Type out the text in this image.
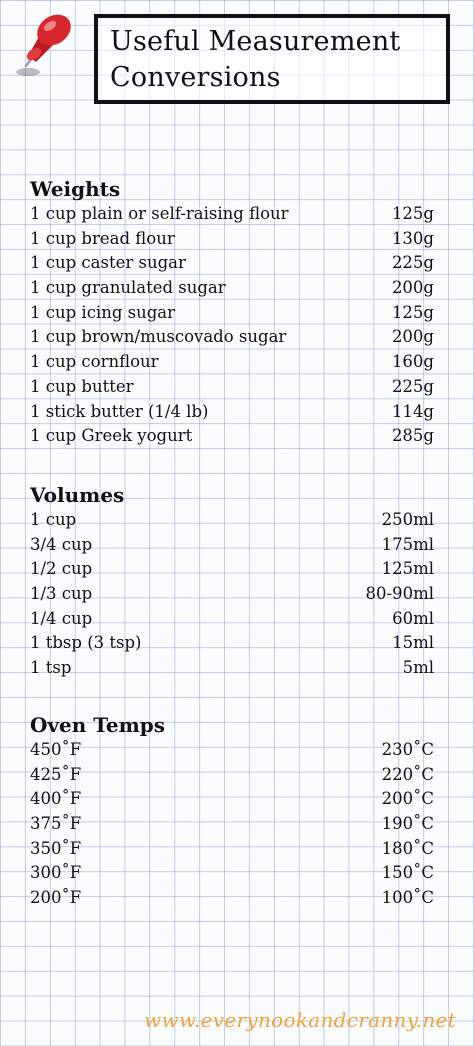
Useful Measurement
Conversions
Weights
1 cup plain or self-raising flour	125g
1 cup bread flour	130g
1 cup caster sugar	225g
1 cup granulated sugar	200g
1 cup icing sugar	125g
1 cup brown/muscovado sugar	200g
1 cup cornflour	160g
1 cup butter	225g
1 stick butter (1/4 lb)	114g
1 cup Greek yogurt	285g
Volumes
1 cup	250ml
3/4 cup	175ml
1/2 cup	125ml
1/3 cup	80-90ml
1/4 cup	60ml
1 tbsp (3 tsp)	15ml
1 tsp	5ml
Oven Temps
450˚F	230˚C
425˚F	220˚C
400˚F	200˚C
375˚F	190˚C
350˚F	180˚C
300˚F	150˚C
200˚F	100˚C
www.everynookandcranny.net
